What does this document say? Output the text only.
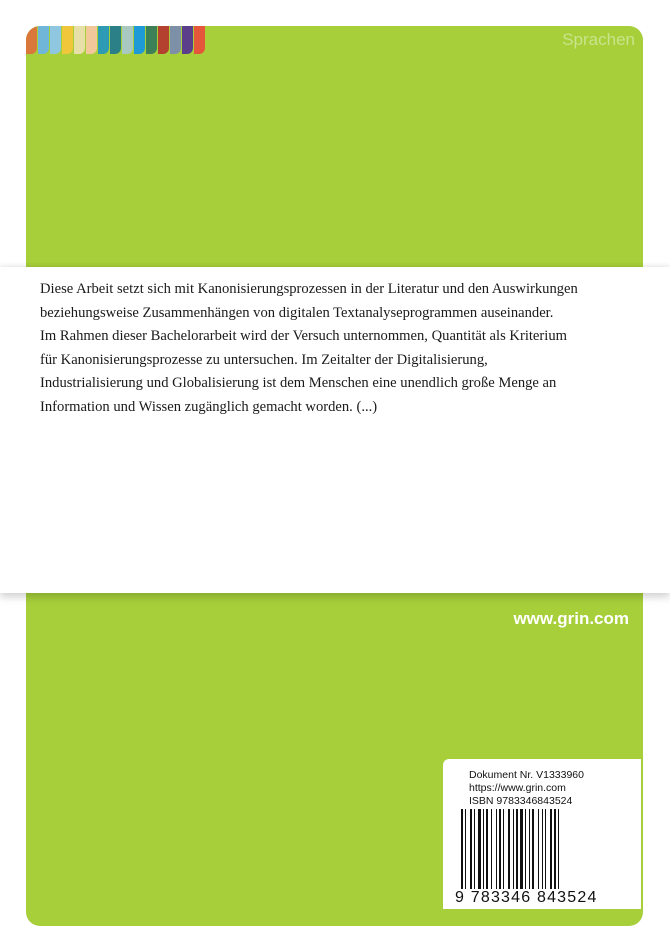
Sprachen
Diese Arbeit setzt sich mit Kanonisierungsprozessen in der Literatur und den Auswirkungen
beziehungsweise Zusammenhängen von digitalen Textanalyseprogrammen auseinander.
Im Rahmen dieser Bachelorarbeit wird der Versuch unternommen, Quantität als Kriterium
für Kanonisierungsprozesse zu untersuchen. Im Zeitalter der Digitalisierung,
Industrialisierung und Globalisierung ist dem Menschen eine unendlich große Menge an
Information und Wissen zugänglich gemacht worden. (...)
www.grin.com
Dokument Nr. V1333960
https://www.grin.com
ISBN 9783346843524
9 783346 843524
